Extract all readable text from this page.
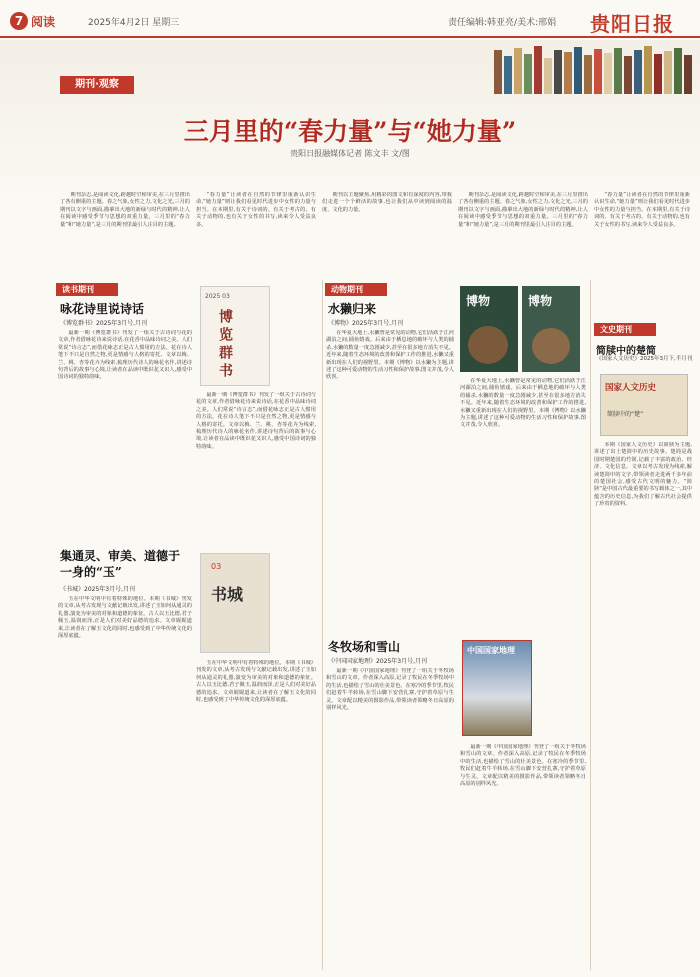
7 阅读	2025年4月2日 星期三	责任编辑:韩亚亮/美术:邢娟 贵阳日报
期刊·观察
三月里的“春力量”与“她力量”
贵阳日报融媒体记者 陈文丰 文/图
期刊杂志,是阅读文化,跨越时空和审美,在三月里推出了各有侧重的主题。春之气象,女性之力,文化之光,三月的期刊以文字与画面,描摹出大地的新绿与时代的精神,让人在阅读中感受季节与思想的双重力量。三月里的“春力量”和“她力量”,是三月的期刊里最引人注目的主题。
“春力量”让读者在自然的节律里重新认识生命,“她力量”则让我们看见时代进步中女性的力量与担当。在本期里,有关于诗词的、有关于考古的、有关于动物的,也有关于女性的书写,读来令人受益良多。
期刊以主题聚焦,用精彩的图文和有深度的内容,带我们走进一个个鲜活的故事,也让我们从中读到阅读的温度、文化的力量。
期刊杂志,是阅读文化,跨越时空和审美,在三月里推出了各有侧重的主题。春之气象,女性之力,文化之光,三月的期刊以文字与画面,描摹出大地的新绿与时代的精神,让人在阅读中感受季节与思想的双重力量。三月里的“春力量”和“她力量”,是三月的期刊里最引人注目的主题。
“春力量”让读者在自然的节律里重新认识生命,“她力量”则让我们看见时代进步中女性的力量与担当。在本期里,有关于诗词的、有关于考古的、有关于动物的,也有关于女性的书写,读来令人受益良多。
读书期刊
咏花诗里说诗话
《博览群书》2025年3月号,月刊
最新一期《博览群书》刊发了一组关于古诗词与花的文章,作者借咏花诗来说诗话,在花香中品味诗词之美。人们常说“诗言志”,而借花咏志正是古人惯用的方法。花在诗人笔下不只是自然之物,更是情感与人格的寄托。文章以梅、兰、桃、杏等花卉为线索,梳理历代诗人的咏花名作,讲述诗句背后的故事与心境,让读者在品读中既识花又识人,感受中国诗词的独特韵味。	博览群书
2025 03
最新一期《博览群书》刊发了一组关于古诗词与花的文章,作者借咏花诗来说诗话,在花香中品味诗词之美。人们常说“诗言志”,而借花咏志正是古人惯用的方法。花在诗人笔下不只是自然之物,更是情感与人格的寄托。文章以梅、兰、桃、杏等花卉为线索,梳理历代诗人的咏花名作,讲述诗句背后的故事与心境,让读者在品读中既识花又识人,感受中国诗词的独特韵味。
集通灵、审美、道德于一身的“玉”
《书城》2025年3月号,月刊
玉在中华文明中有着特殊的地位。本期《书城》刊发的文章,从考古发现与文献记载出发,讲述了玉如何从通灵的礼器,演变为审美的对象和道德的象征。古人以玉比德,君子佩玉,温润而泽,正是人们对美好品德的追求。文章娓娓道来,让读者在了解玉文化的同时,也感受到了中华传统文化的深厚底蕴。
书城
03
玉在中华文明中有着特殊的地位。本期《书城》刊发的文章,从考古发现与文献记载出发,讲述了玉如何从通灵的礼器,演变为审美的对象和道德的象征。古人以玉比德,君子佩玉,温润而泽,正是人们对美好品德的追求。文章娓娓道来,让读者在了解玉文化的同时,也感受到了中华传统文化的深厚底蕴。
动物期刊
水獭归来
《博物》2025年3月号,月刊
在华夏大地上,水獭曾是常见的动物,它们活跃于江河湖泊之间,捕鱼嬉戏。后来由于栖息地的破坏与人类的捕杀,水獭的数量一度急剧减少,甚至在很多地方消失不见。近年来,随着生态环境的改善和保护工作的推进,水獭又重新出现在人们的视野里。本期《博物》以水獭为主题,讲述了这种可爱动物的生活习性和保护故事,图文并茂,令人欣喜。
博物	博物
在华夏大地上,水獭曾是常见的动物,它们活跃于江河湖泊之间,捕鱼嬉戏。后来由于栖息地的破坏与人类的捕杀,水獭的数量一度急剧减少,甚至在很多地方消失不见。近年来,随着生态环境的改善和保护工作的推进,水獭又重新出现在人们的视野里。本期《博物》以水獭为主题,讲述了这种可爱动物的生活习性和保护故事,图文并茂,令人欣喜。
冬牧场和雪山
《中国国家地理》2025年3月号,月刊
最新一期《中国国家地理》刊登了一组关于冬牧场和雪山的文章。作者深入高原,记录了牧民在冬季牧场中的生活,也描绘了雪山的壮美景色。在寒冷的季节里,牧民们赶着牛羊转场,在雪山脚下安营扎寨,守护着草原与生灵。文章配以精美的摄影作品,带领读者领略冬日高原的别样风光。
中国国家地理
最新一期《中国国家地理》刊登了一组关于冬牧场和雪山的文章。作者深入高原,记录了牧民在冬季牧场中的生活,也描绘了雪山的壮美景色。在寒冷的季节里,牧民们赶着牛羊转场,在雪山脚下安营扎寨,守护着草原与生灵。文章配以精美的摄影作品,带领读者领略冬日高原的别样风光。
文史期刊
简牍中的楚简
《国家人文历史》2025年3月下,半月刊
国家人文历史
简牍中的“楚”
本期《国家人文历史》以简牍为主题,讲述了出土楚简中的历史故事。楚简是战国时期楚国的竹简,记载了丰富的政治、经济、文化信息。文章以考古发现为线索,解读楚简中的文字,带领读者走进两千多年前的楚国社会,感受古代文明的魅力。“简牍”是中国古代最重要的书写载体之一,其中蕴含的历史信息,为我们了解古代社会提供了珍贵的资料。
